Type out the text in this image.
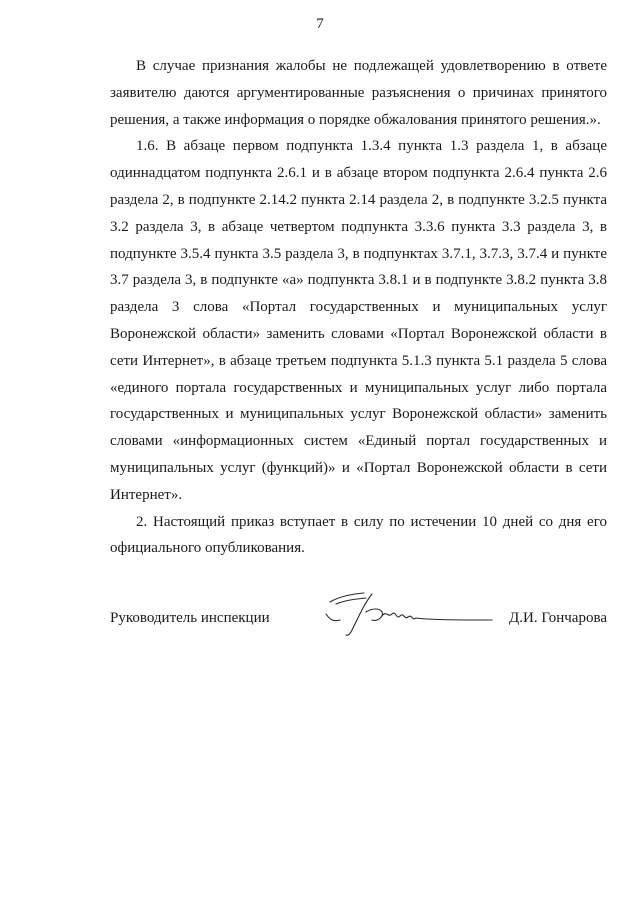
7

В случае признания жалобы не подлежащей удовлетворению в ответе заявителю даются аргументированные разъяснения о причинах принятого решения, а также информация о порядке обжалования принятого решения.».

1.6. В абзаце первом подпункта 1.3.4 пункта 1.3 раздела 1, в абзаце одиннадцатом подпункта 2.6.1 и в абзаце втором подпункта 2.6.4 пункта 2.6 раздела 2, в подпункте 2.14.2 пункта 2.14 раздела 2, в подпункте 3.2.5 пункта 3.2 раздела 3, в абзаце четвертом подпункта 3.3.6 пункта 3.3 раздела 3, в подпункте 3.5.4 пункта 3.5 раздела 3, в подпунктах 3.7.1, 3.7.3, 3.7.4 и пункте 3.7 раздела 3, в подпункте «а» подпункта 3.8.1 и в подпункте 3.8.2 пункта 3.8 раздела 3 слова «Портал государственных и муниципальных услуг Воронежской области» заменить словами «Портал Воронежской области в сети Интернет», в абзаце третьем подпункта 5.1.3 пункта 5.1 раздела 5 слова «единого портала государственных и муниципальных услуг либо портала государственных и муниципальных услуг Воронежской области» заменить словами «информационных систем «Единый портал государственных и муниципальных услуг (функций)» и «Портал Воронежской области в сети Интернет».

2. Настоящий приказ вступает в силу по истечении 10 дней со дня его официального опубликования.

Руководитель инспекции	Д.И. Гончарова
